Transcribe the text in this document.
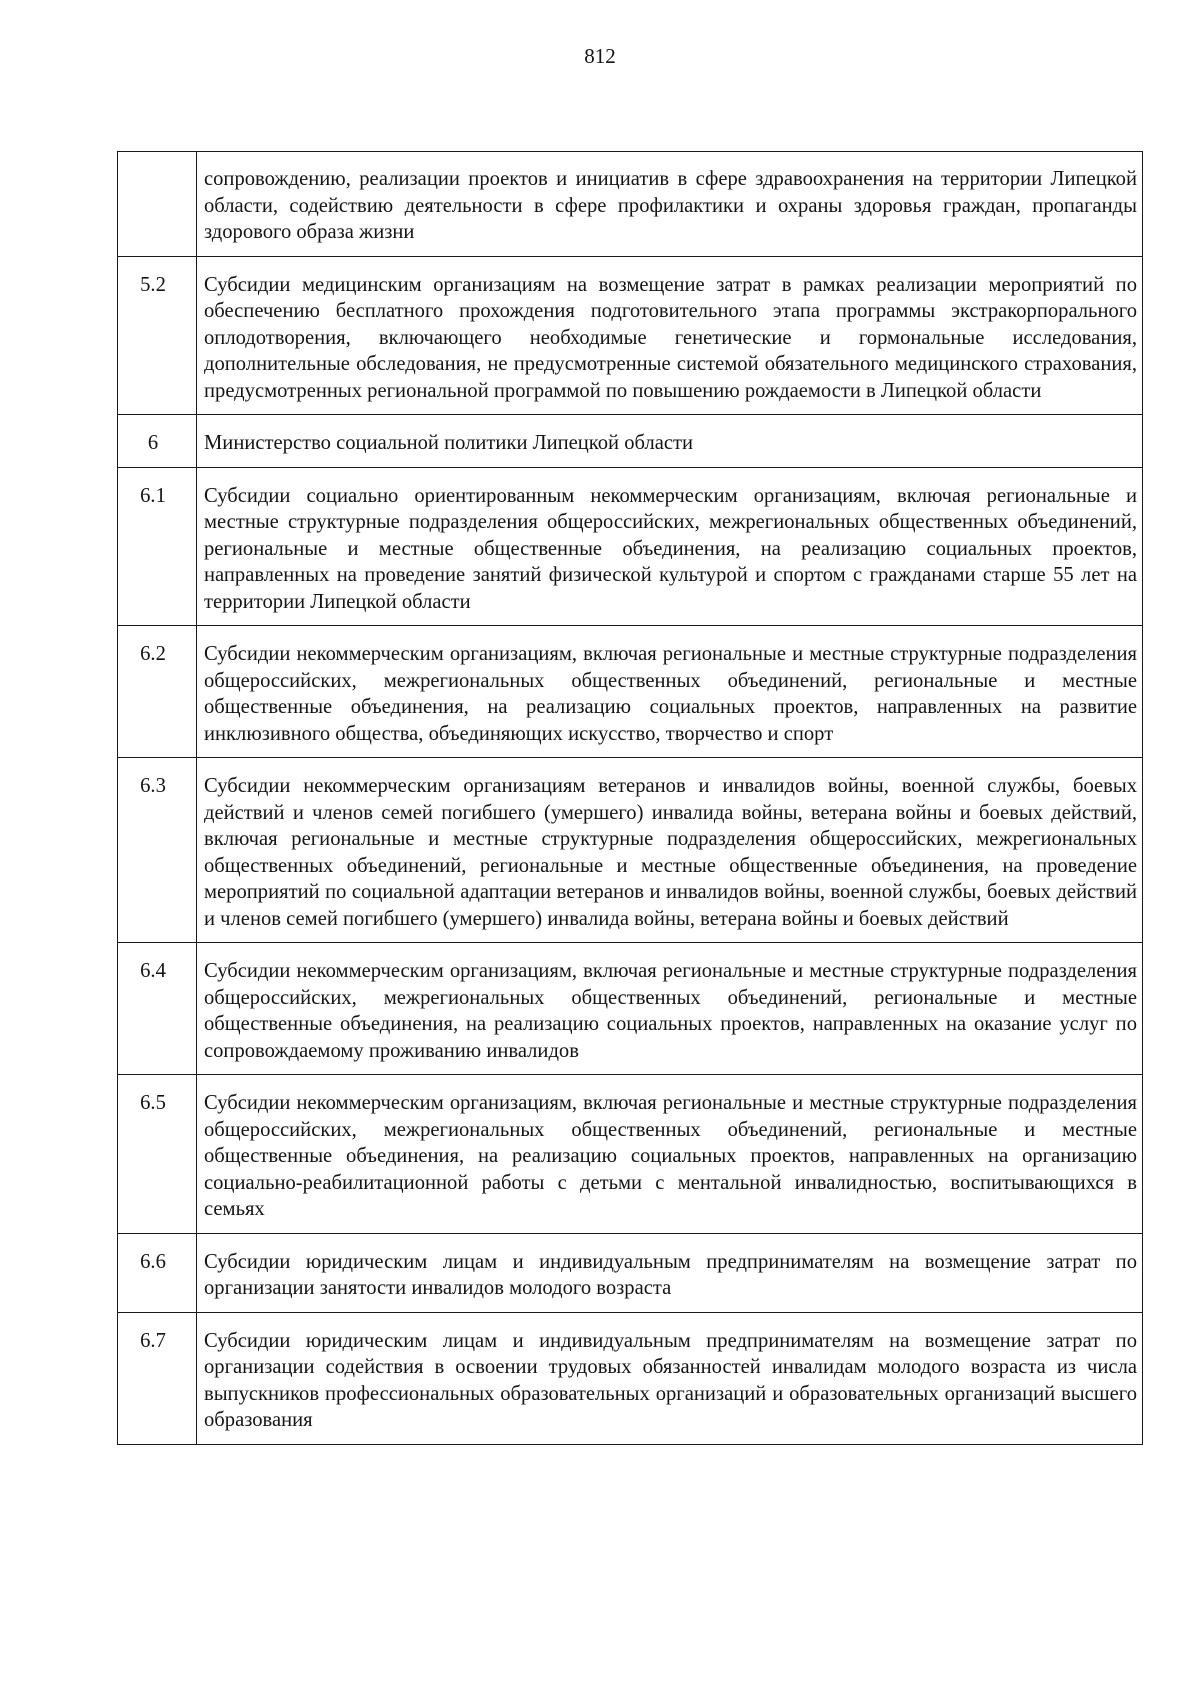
812
	сопровождению, реализации проектов и инициатив в сфере здравоохранения на территории Липецкой области, содействию деятельности в сфере профилактики и охраны здоровья граждан, пропаганды здорового образа жизни
5.2	Субсидии медицинским организациям на возмещение затрат в рамках реализации мероприятий по обеспечению бесплатного прохождения подготовительного этапа программы экстракорпорального оплодотворения, включающего необходимые генетические и гормональные исследования, дополнительные обследования, не предусмотренные системой обязательного медицинского страхования, предусмотренных региональной программой по повышению рождаемости в Липецкой области
6	Министерство социальной политики Липецкой области
6.1	Субсидии социально ориентированным некоммерческим организациям, включая региональные и местные структурные подразделения общероссийских, межрегиональных общественных объединений, региональные и местные общественные объединения, на реализацию социальных проектов, направленных на проведение занятий физической культурой и спортом с гражданами старше 55 лет на территории Липецкой области
6.2	Субсидии некоммерческим организациям, включая региональные и местные структурные подразделения общероссийских, межрегиональных общественных объединений, региональные и местные общественные объединения, на реализацию социальных проектов, направленных на развитие инклюзивного общества, объединяющих искусство, творчество и спорт
6.3	Субсидии некоммерческим организациям ветеранов и инвалидов войны, военной службы, боевых действий и членов семей погибшего (умершего) инвалида войны, ветерана войны и боевых действий, включая региональные и местные структурные подразделения общероссийских, межрегиональных общественных объединений, региональные и местные общественные объединения, на проведение мероприятий по социальной адаптации ветеранов и инвалидов войны, военной службы, боевых действий и членов семей погибшего (умершего) инвалида войны, ветерана войны и боевых действий
6.4	Субсидии некоммерческим организациям, включая региональные и местные структурные подразделения общероссийских, межрегиональных общественных объединений, региональные и местные общественные объединения, на реализацию социальных проектов, направленных на оказание услуг по сопровождаемому проживанию инвалидов
6.5	Субсидии некоммерческим организациям, включая региональные и местные структурные подразделения общероссийских, межрегиональных общественных объединений, региональные и местные общественные объединения, на реализацию социальных проектов, направленных на организацию социально-реабилитационной работы с детьми с ментальной инвалидностью, воспитывающихся в семьях
6.6	Субсидии юридическим лицам и индивидуальным предпринимателям на возмещение затрат по организации занятости инвалидов молодого возраста
6.7	Субсидии юридическим лицам и индивидуальным предпринимателям на возмещение затрат по организации содействия в освоении трудовых обязанностей инвалидам молодого возраста из числа выпускников профессиональных образовательных организаций и образовательных организаций высшего образования
